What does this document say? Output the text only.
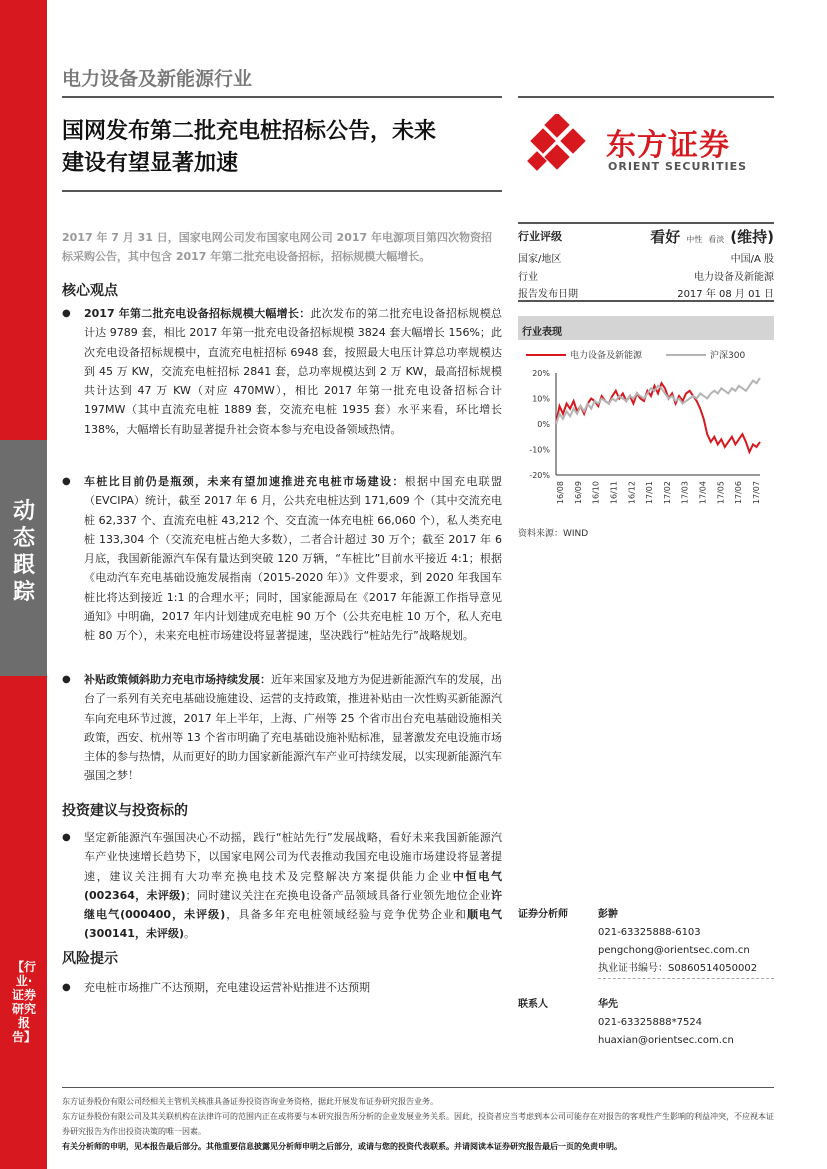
动态跟踪
【行业·证券研究报告】
电力设备及新能源行业
国网发布第二批充电桩招标公告，未来
建设有望显著加速
东方证券
ORIENT SECURITIES
2017 年 7 月 31 日，国家电网公司发布国家电网公司 2017 年电源项目第四次物资招标采购公告，其中包含 2017 年第二批充电设备招标，招标规模大幅增长。
核心观点
● 2017 年第二批充电设备招标规模大幅增长：此次发布的第二批充电设备招标规模总计达 9789 套，相比 2017 年第一批充电设备招标规模 3824 套大幅增长 156%；此次充电设备招标规模中，直流充电桩招标 6948 套，按照最大电压计算总功率规模达到 45 万 KW，交流充电桩招标 2841 套，总功率规模达到 2 万 KW，最高招标规模共计达到 47 万 KW（对应 470MW），相比 2017 年第一批充电设备招标合计 197MW（其中直流充电桩 1889 套，交流充电桩 1935 套）水平来看，环比增长 138%，大幅增长有助显著提升社会资本参与充电设备领域热情。
● 车桩比目前仍是瓶颈，未来有望加速推进充电桩市场建设：根据中国充电联盟（EVCIPA）统计，截至 2017 年 6 月，公共充电桩达到 171,609 个（其中交流充电桩 62,337 个、直流充电桩 43,212 个、交直流一体充电桩 66,060 个），私人类充电桩 133,304 个（交流充电桩占绝大多数），二者合计超过 30 万个；截至 2017 年 6 月底，我国新能源汽车保有量达到突破 120 万辆，“车桩比”目前水平接近 4:1；根据《电动汽车充电基础设施发展指南（2015-2020 年）》文件要求，到 2020 年我国车桩比将达到接近 1:1 的合理水平；同时，国家能源局在《2017 年能源工作指导意见通知》中明确，2017 年内计划建成充电桩 90 万个（公共充电桩 10 万个，私人充电桩 80 万个），未来充电桩市场建设将显著提速，坚决践行“桩站先行”战略规划。
● 补贴政策倾斜助力充电市场持续发展：近年来国家及地方为促进新能源汽车的发展，出台了一系列有关充电基础设施建设、运营的支持政策，推进补贴由一次性购买新能源汽车向充电环节过渡，2017 年上半年，上海、广州等 25 个省市出台充电基础设施相关政策，西安、杭州等 13 个省市明确了充电基础设施补贴标准，显著激发充电设施市场主体的参与热情，从而更好的助力国家新能源汽车产业可持续发展，以实现新能源汽车强国之梦！
投资建议与投资标的
● 坚定新能源汽车强国决心不动摇，践行“桩站先行”发展战略，看好未来我国新能源汽车产业快速增长趋势下，以国家电网公司为代表推动我国充电设施市场建设将显著提速，建议关注拥有大功率充换电技术及完整解决方案提供能力企业中恒电气(002364，未评级)；同时建议关注在充换电设备产品领域具备行业领先地位企业许继电气(000400，未评级)，具备多年充电桩领域经验与竞争优势企业和顺电气(300141，未评级)。
风险提示
● 充电桩市场推广不达预期，充电建设运营补贴推进不达预期
行业评级	看好 中性 看淡 (维持)
国家/地区	中国/A 股
行业	电力设备及新能源
报告发布日期	2017 年 08 月 01 日
行业表现
电力设备及新能源	沪深300
20%
10%
0%
-10%
-20%
16/08 16/09 16/10 16/11 16/12 17/01 17/02 17/03 17/04 17/05 17/06 17/07
资料来源：WIND
证券分析师	彭翀
021-63325888-6103
pengchong@orientsec.com.cn
执业证书编号：S0860514050002
联系人	华先
021-63325888*7524
huaxian@orientsec.com.cn
东方证券股份有限公司经相关主管机关核准具备证券投资咨询业务资格，据此开展发布证券研究报告业务。
东方证券股份有限公司及其关联机构在法律许可的范围内正在或将要与本研究报告所分析的企业发展业务关系。因此，投资者应当考虑到本公司可能存在对报告的客观性产生影响的利益冲突，不应视本证券研究报告为作出投资决策的唯一因素。
有关分析师的申明，见本报告最后部分。其他重要信息披露见分析师申明之后部分，或请与您的投资代表联系。并请阅读本证券研究报告最后一页的免责申明。
